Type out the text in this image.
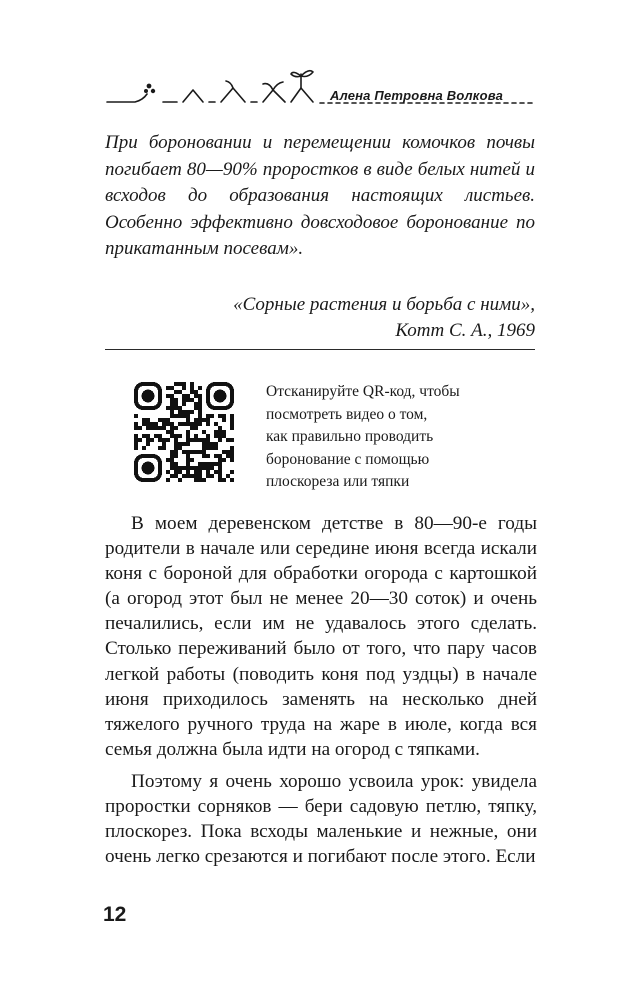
Алена Петровна Волкова

При бороновании и перемещении комочков почвы погибает 80—90% проростков в виде белых нитей и всходов до образования настоящих листьев. Особенно эффективно довсходовое боронование по прикатанным посевам».

«Сорные растения и борьба с ними»,
Котт С. А., 1969
Отсканируйте QR-код, чтобы
посмотреть видео о том,
как правильно проводить
боронование с помощью
плоскореза или тяпки

В моем деревенском детстве в 80—90-е годы родители в начале или середине июня всегда искали коня с бороной для обработки огорода с картошкой (а огород этот был не менее 20—30 соток) и очень печалились, если им не удавалось этого сделать. Столько переживаний было от того, что пару часов легкой работы (поводить коня под уздцы) в начале июня приходилось заменять на несколько дней тяжелого ручного труда на жаре в июле, когда вся семья должна была идти на огород с тяпками.

Поэтому я очень хорошо усвоила урок: увидела проростки сорняков — бери садовую петлю, тяпку, плоскорез. Пока всходы маленькие и нежные, они очень легко срезаются и погибают после этого. Если

12
